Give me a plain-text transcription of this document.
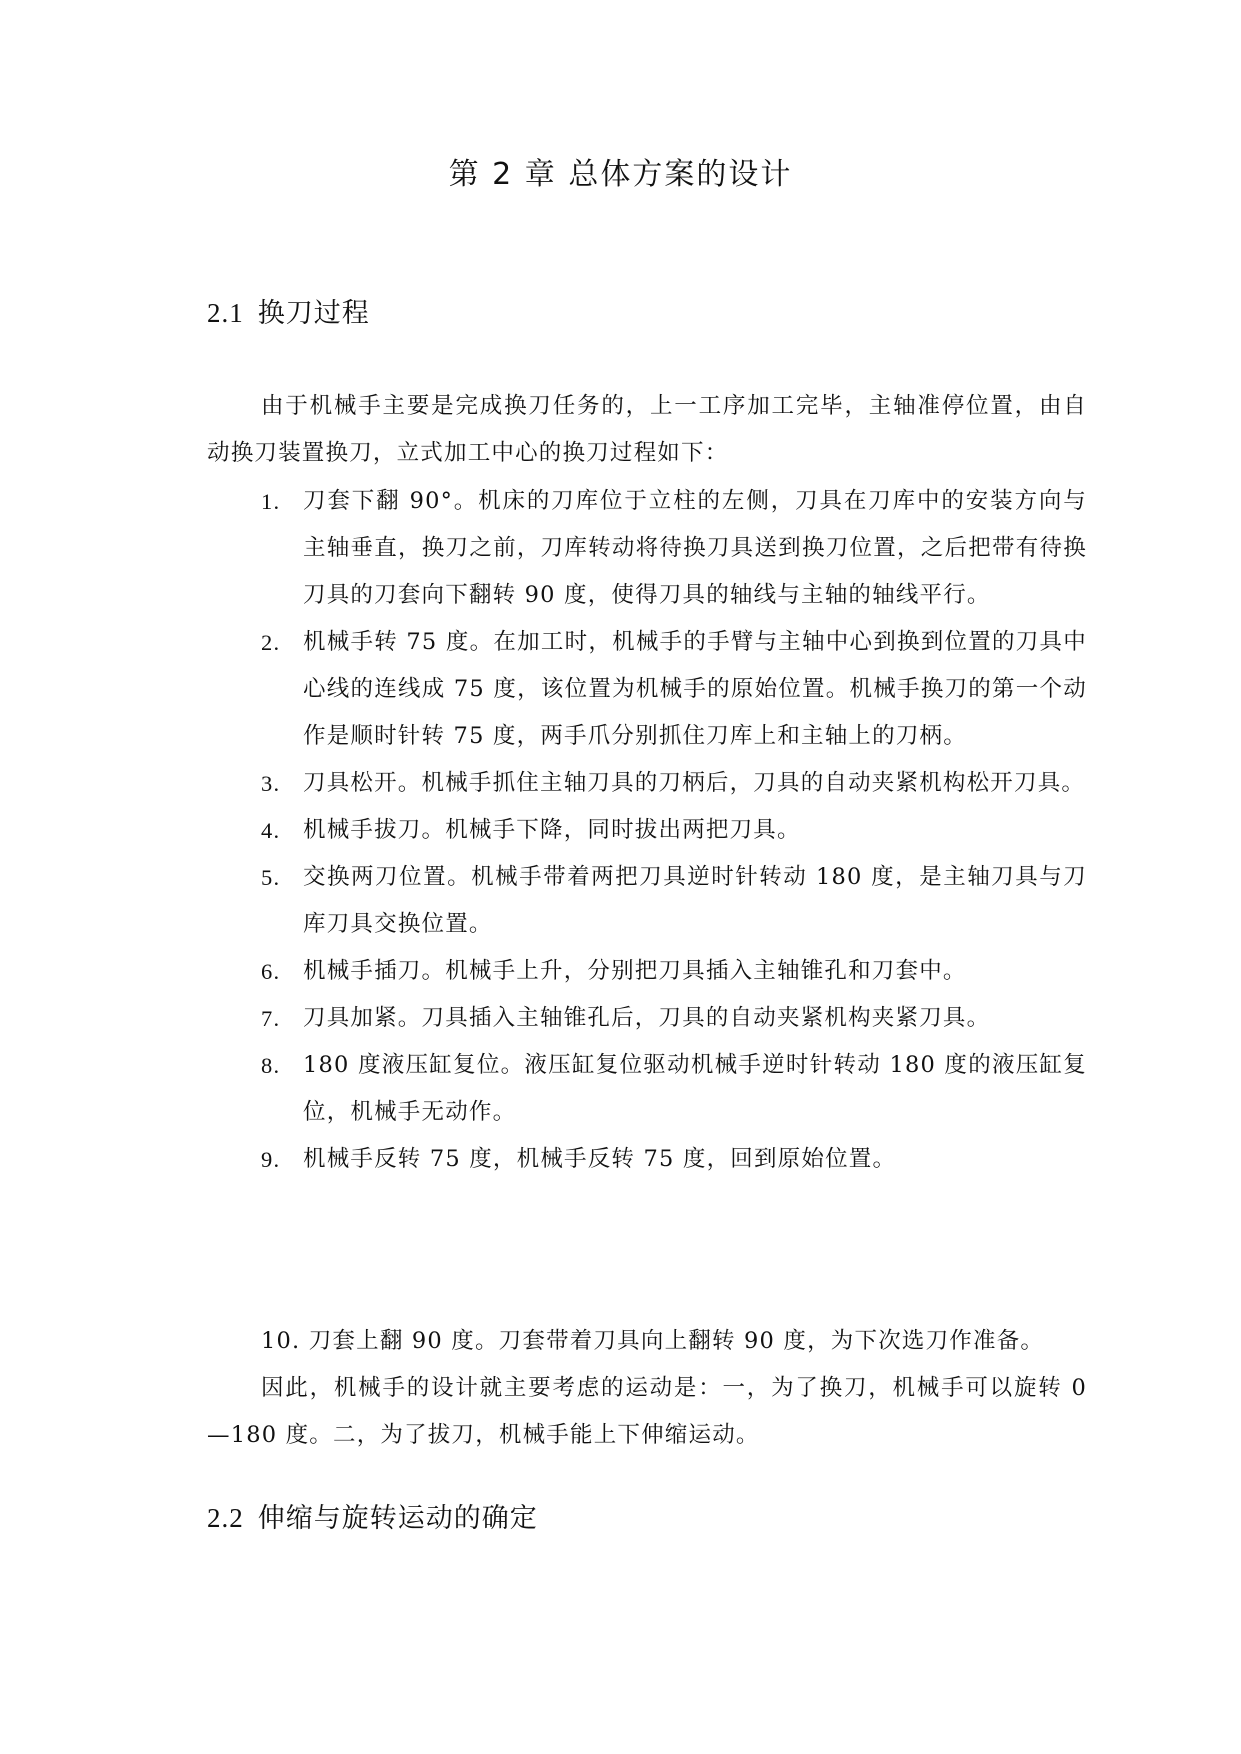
第 2 章 总体方案的设计
2.1 换刀过程

由于机械手主要是完成换刀任务的，上一工序加工完毕，主轴准停位置，由自动换刀装置换刀，立式加工中心的换刀过程如下：

1. 刀套下翻 90°。机床的刀库位于立柱的左侧，刀具在刀库中的安装方向与主轴垂直，换刀之前，刀库转动将待换刀具送到换刀位置，之后把带有待换刀具的刀套向下翻转 90 度，使得刀具的轴线与主轴的轴线平行。
2. 机械手转 75 度。在加工时，机械手的手臂与主轴中心到换到位置的刀具中心线的连线成 75 度，该位置为机械手的原始位置。机械手换刀的第一个动作是顺时针转 75 度，两手爪分别抓住刀库上和主轴上的刀柄。
3. 刀具松开。机械手抓住主轴刀具的刀柄后，刀具的自动夹紧机构松开刀具。
4. 机械手拔刀。机械手下降，同时拔出两把刀具。
5. 交换两刀位置。机械手带着两把刀具逆时针转动 180 度，是主轴刀具与刀库刀具交换位置。
6. 机械手插刀。机械手上升，分别把刀具插入主轴锥孔和刀套中。
7. 刀具加紧。刀具插入主轴锥孔后，刀具的自动夹紧机构夹紧刀具。
8. 180 度液压缸复位。液压缸复位驱动机械手逆时针转动 180 度的液压缸复位，机械手无动作。
9. 机械手反转 75 度，机械手反转 75 度，回到原始位置。

10. 刀套上翻 90 度。刀套带着刀具向上翻转 90 度，为下次选刀作准备。

因此，机械手的设计就主要考虑的运动是：一，为了换刀，机械手可以旋转 0—180 度。二，为了拔刀，机械手能上下伸缩运动。

2.2 伸缩与旋转运动的确定
